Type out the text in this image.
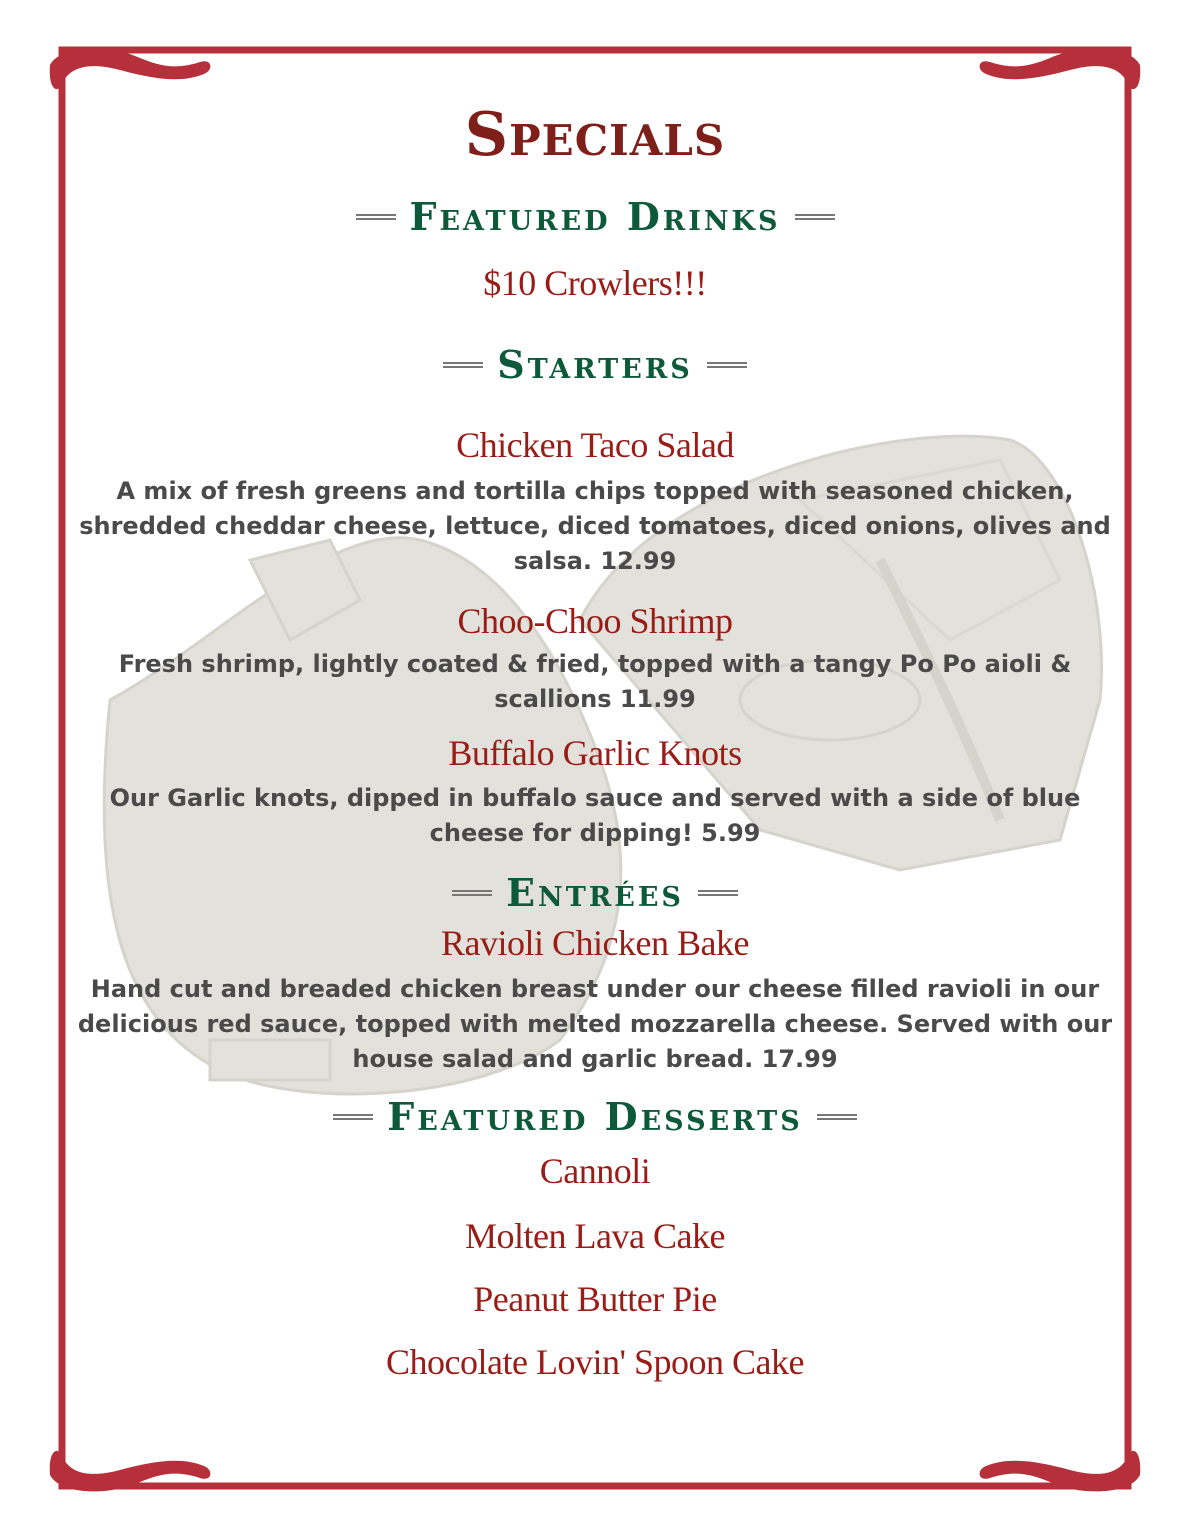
Specials
Featured Drinks
$10 Crowlers!!!
Starters
Chicken Taco Salad
A mix of fresh greens and tortilla chips topped with seasoned chicken,
shredded cheddar cheese, lettuce, diced tomatoes, diced onions, olives and
salsa. 12.99
Choo-Choo Shrimp
Fresh shrimp, lightly coated & fried, topped with a tangy Po Po aioli &
scallions 11.99
Buffalo Garlic Knots
Our Garlic knots, dipped in buffalo sauce and served with a side of blue
cheese for dipping! 5.99
Entrées
Ravioli Chicken Bake
Hand cut and breaded chicken breast under our cheese filled ravioli in our
delicious red sauce, topped with melted mozzarella cheese. Served with our
house salad and garlic bread. 17.99
Featured Desserts
Cannoli
Molten Lava Cake
Peanut Butter Pie
Chocolate Lovin' Spoon Cake
